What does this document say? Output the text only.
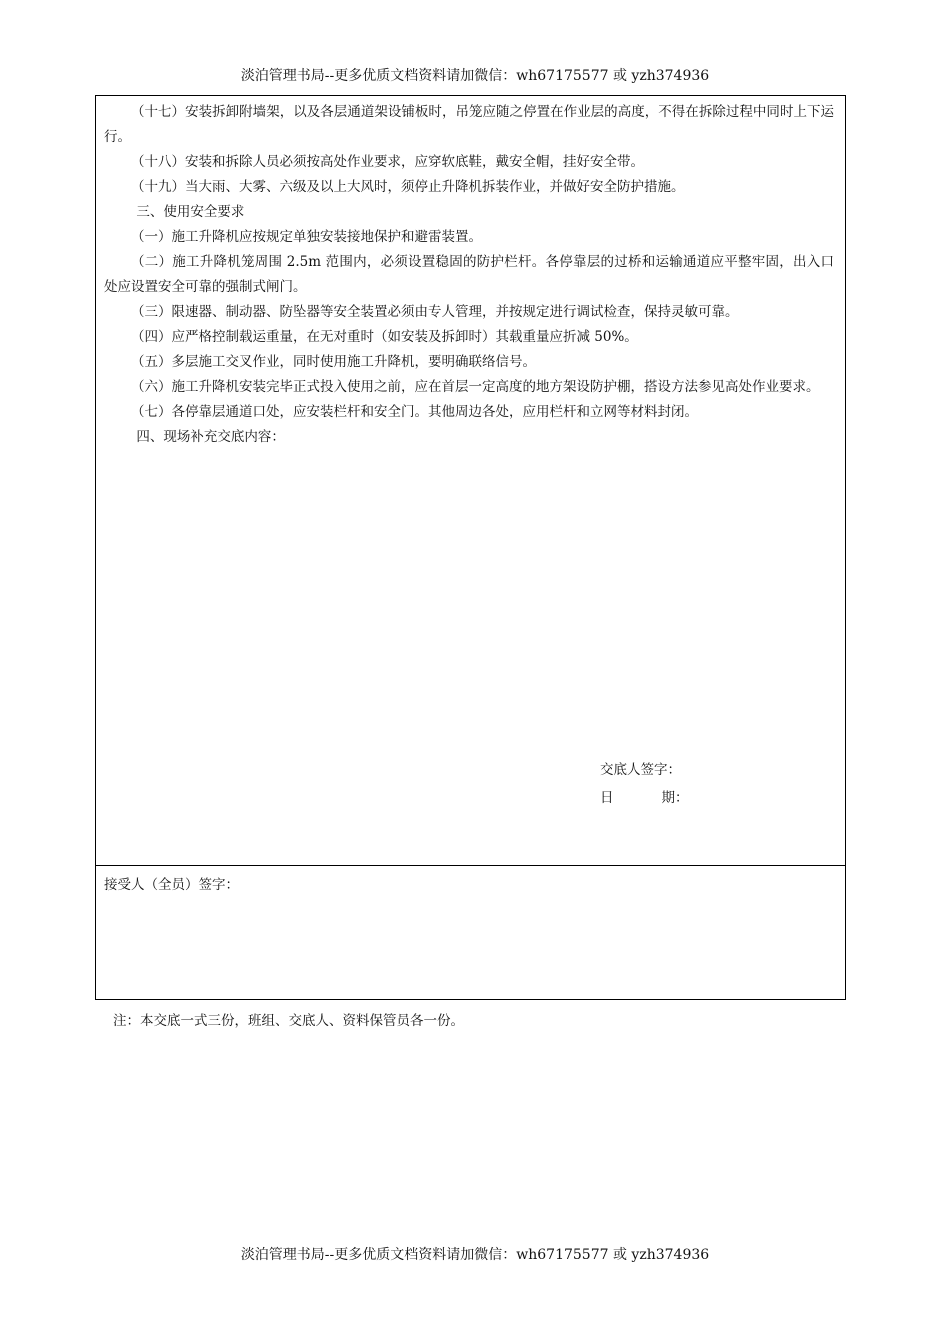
淡泊管理书局--更多优质文档资料请加微信：wh67175577 或 yzh374936

（十七）安装拆卸附墙架，以及各层通道架设铺板时，吊笼应随之停置在作业层的高度，不得在拆除过程中同时上下运行。

（十八）安装和拆除人员必须按高处作业要求，应穿软底鞋，戴安全帽，挂好安全带。

（十九）当大雨、大雾、六级及以上大风时，须停止升降机拆装作业，并做好安全防护措施。

三、使用安全要求

（一）施工升降机应按规定单独安装接地保护和避雷装置。

（二）施工升降机笼周围 2.5m 范围内，必须设置稳固的防护栏杆。各停靠层的过桥和运输通道应平整牢固，出入口处应设置安全可靠的强制式闸门。

（三）限速器、制动器、防坠器等安全装置必须由专人管理，并按规定进行调试检查，保持灵敏可靠。

（四）应严格控制载运重量，在无对重时（如安装及拆卸时）其载重量应折减 50%。

（五）多层施工交叉作业，同时使用施工升降机，要明确联络信号。

（六）施工升降机安装完毕正式投入使用之前，应在首层一定高度的地方架设防护棚，搭设方法参见高处作业要求。

（七）各停靠层通道口处，应安装栏杆和安全门。其他周边各处，应用栏杆和立网等材料封闭。

四、现场补充交底内容：

交底人签字：
日	期：
接受人（全员）签字：
注：本交底一式三份，班组、交底人、资料保管员各一份。
淡泊管理书局--更多优质文档资料请加微信：wh67175577 或 yzh374936
